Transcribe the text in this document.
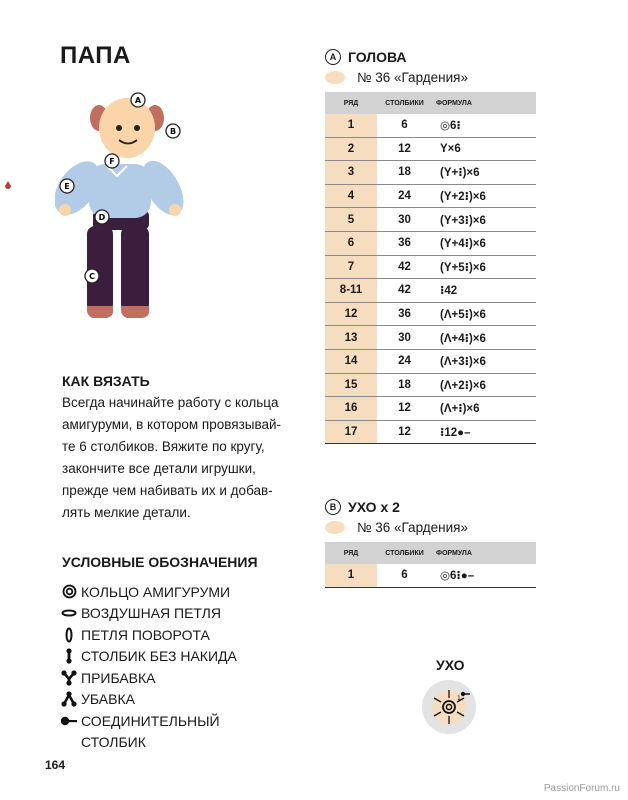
ПАПА
A
B
C
D
E
F
КАК ВЯЗАТЬ
Всегда начинайте работу с кольца
амигуруми, в котором провязывай-
те 6 столбиков. Вяжите по кругу,
закончите все детали игрушки,
прежде чем набивать их и добав-
лять мелкие детали.
УСЛОВНЫЕ ОБОЗНАЧЕНИЯ
КОЛЬЦО АМИГУРУМИ
ВОЗДУШНАЯ ПЕТЛЯ
ПЕТЛЯ ПОВОРОТА
СТОЛБИК БЕЗ НАКИДА
ПРИБАВКА
УБАВКА
СОЕДИНИТЕЛЬНЫЙ
СТОЛБИК
164
PassionForum.ru
A ГОЛОВА
№ 36 «Гардения»
РЯД	СТОЛБИКИ	ФОРМУЛА
1	6	◎6⁝
2	12	Y×6
3	18	(Y+⁝)×6
4	24	(Y+2⁝)×6
5	30	(Y+3⁝)×6
6	36	(Y+4⁝)×6
7	42	(Y+5⁝)×6
8-11	42	⁝42
12	36	(Λ+5⁝)×6
13	30	(Λ+4⁝)×6
14	24	(Λ+3⁝)×6
15	18	(Λ+2⁝)×6
16	12	(Λ+⁝)×6
17	12	⁝12●–
B УХО x 2
№ 36 «Гардения»
РЯД	СТОЛБИКИ	ФОРМУЛА
1	6	◎6⁝●–
УХО
1
